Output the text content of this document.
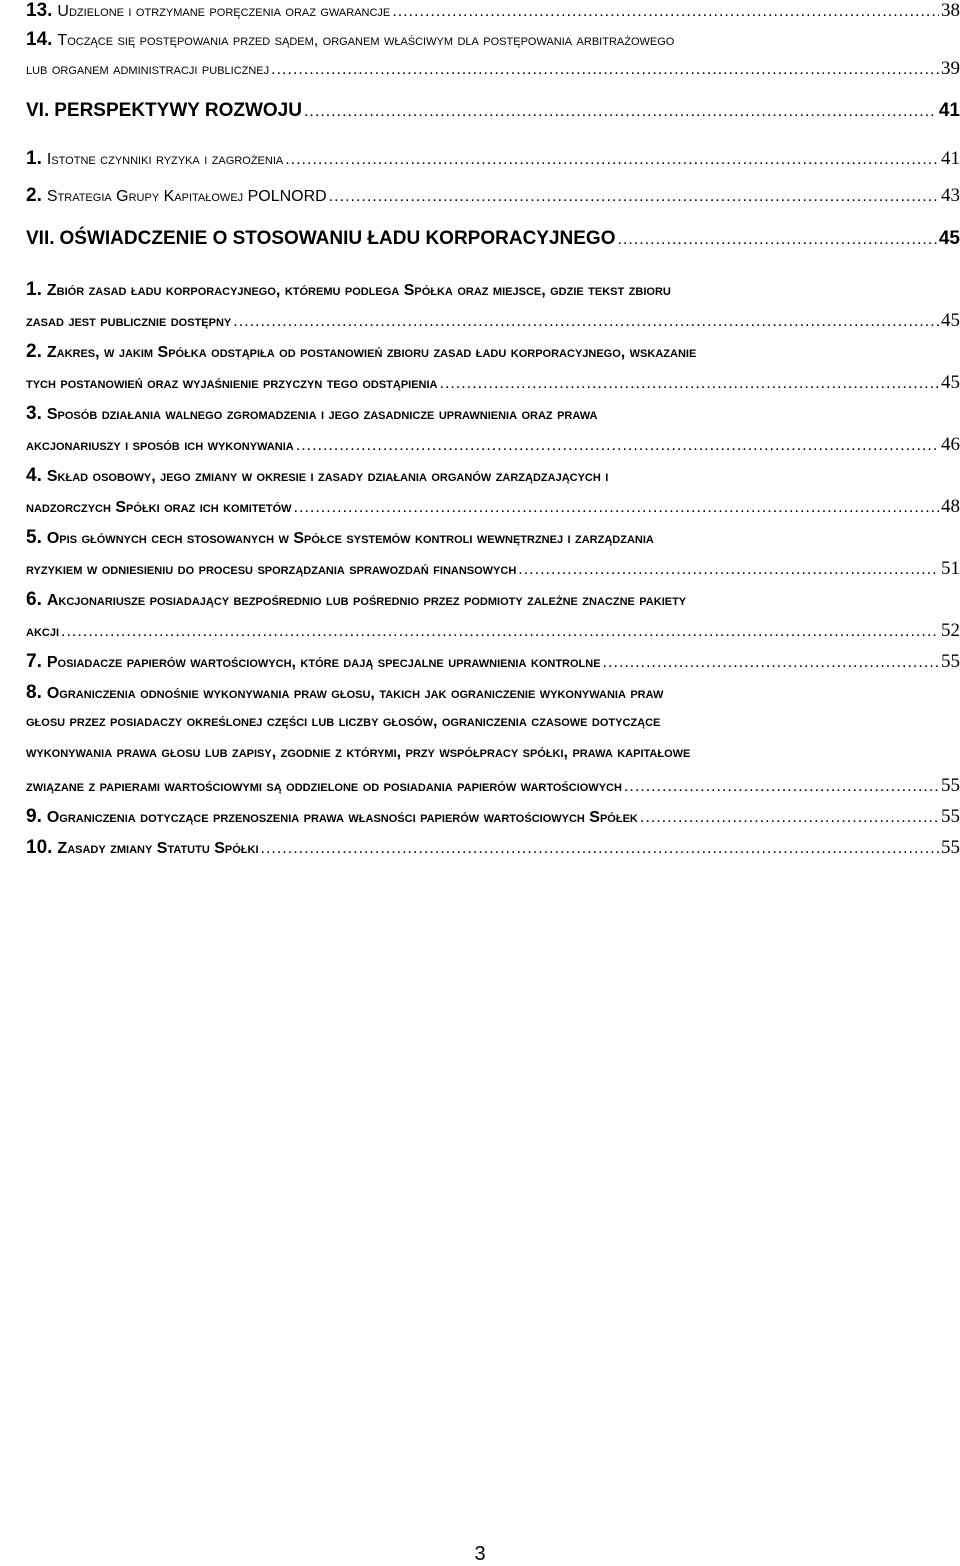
13. Udzielone i otrzymane poręczenia oraz gwarancje .....	38
14. Toczące się postępowania przed sądem, organem właściwym dla postępowania arbitrażowego
lub organem administracji publicznej .....	39
VI. PERSPEKTYWY ROZWOJU .....	41
1. Istotne czynniki ryzyka i zagrożenia .....	41
2. Strategia Grupy Kapitałowej POLNORD .....	43
VII. OŚWIADCZENIE O STOSOWANIU ŁADU KORPORACYJNEGO .....	45
1. Zbiór zasad ładu korporacyjnego, któremu podlega Spółka oraz miejsce, gdzie tekst zbioru
zasad jest publicznie dostępny .....	45
2. Zakres, w jakim Spółka odstąpiła od postanowień zbioru zasad ładu korporacyjnego, wskazanie
tych postanowień oraz wyjaśnienie przyczyn tego odstąpienia .....	45
3. Sposób działania walnego zgromadzenia i jego zasadnicze uprawnienia oraz prawa
akcjonariuszy i sposób ich wykonywania .....	46
4. Skład osobowy, jego zmiany w okresie i zasady działania organów zarządzających i
nadzorczych Spółki oraz ich komitetów .....	48
5. Opis głównych cech stosowanych w Spółce systemów kontroli wewnętrznej i zarządzania
ryzykiem w odniesieniu do procesu sporządzania sprawozdań finansowych .....	51
6. Akcjonariusze posiadający bezpośrednio lub pośrednio przez podmioty zależne znaczne pakiety
akcji .....	52
7. Posiadacze papierów wartościowych, które dają specjalne uprawnienia kontrolne .....	55
8. Ograniczenia odnośnie wykonywania praw głosu, takich jak ograniczenie wykonywania praw
głosu przez posiadaczy określonej części lub liczby głosów, ograniczenia czasowe dotyczące
wykonywania prawa głosu lub zapisy, zgodnie z którymi, przy współpracy spółki, prawa kapitałowe
związane z papierami wartościowymi są oddzielone od posiadania papierów wartościowych .....	55
9. Ograniczenia dotyczące przenoszenia prawa własności papierów wartościowych Spółek .....	55
10. Zasady zmiany Statutu Spółki .....	55
3
